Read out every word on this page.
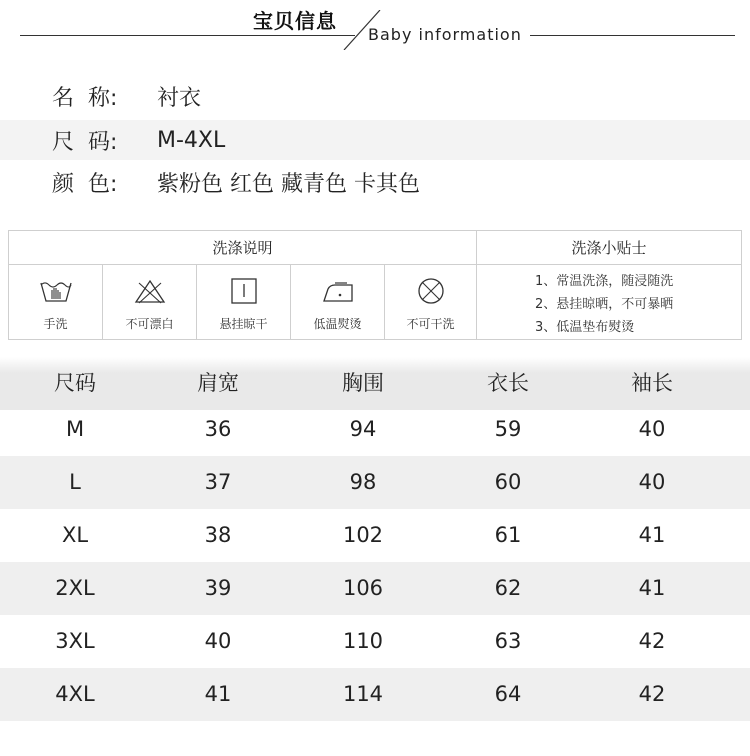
宝贝信息
Baby information
名  称: 衬衣
尺  码: M-4XL
颜  色: 紫粉色 红色 藏青色 卡其色
洗涤说明	洗涤小贴士
手洗	不可漂白	悬挂晾干	低温熨烫	不可干洗
1、常温洗涤，随浸随洗
2、悬挂晾晒，不可暴晒
3、低温垫布熨烫
尺码	肩宽	胸围	衣长	袖长
M	36	94	59	40
L	37	98	60	40
XL	38	102	61	41
2XL	39	106	62	41
3XL	40	110	63	42
4XL	41	114	64	42
